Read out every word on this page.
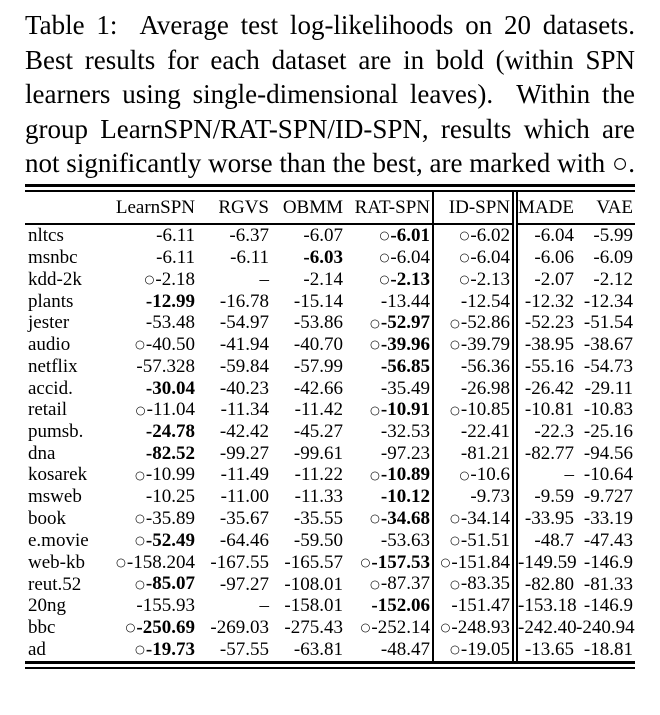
Table 1:  Average test log-likelihoods on 20 datasets.
Best results for each dataset are in bold (within SPN
learners using single-dimensional leaves).  Within the
group LearnSPN/RAT-SPN/ID-SPN, results which are
not significantly worse than the best, are marked with ○.
	LearnSPN	RGVS	OBMM	RAT-SPN	ID-SPN	MADE	VAE
nltcs	-6.11	-6.37	-6.07	○-6.01	○-6.02	-6.04	-5.99
msnbc	-6.11	-6.11	-6.03	○-6.04	○-6.04	-6.06	-6.09
kdd-2k	○-2.18	–	-2.14	○-2.13	○-2.13	-2.07	-2.12
plants	-12.99	-16.78	-15.14	-13.44	-12.54	-12.32	-12.34
jester	-53.48	-54.97	-53.86	○-52.97	○-52.86	-52.23	-51.54
audio	○-40.50	-41.94	-40.70	○-39.96	○-39.79	-38.95	-38.67
netflix	-57.328	-59.84	-57.99	-56.85	-56.36	-55.16	-54.73
accid.	-30.04	-40.23	-42.66	-35.49	-26.98	-26.42	-29.11
retail	○-11.04	-11.34	-11.42	○-10.91	○-10.85	-10.81	-10.83
pumsb.	-24.78	-42.42	-45.27	-32.53	-22.41	-22.3	-25.16
dna	-82.52	-99.27	-99.61	-97.23	-81.21	-82.77	-94.56
kosarek	○-10.99	-11.49	-11.22	○-10.89	○-10.6	–	-10.64
msweb	-10.25	-11.00	-11.33	-10.12	-9.73	-9.59	-9.727
book	○-35.89	-35.67	-35.55	○-34.68	○-34.14	-33.95	-33.19
e.movie	○-52.49	-64.46	-59.50	-53.63	○-51.51	-48.7	-47.43
web-kb	○-158.204	-167.55	-165.57	○-157.53	○-151.84	-149.59	-146.9
reut.52	○-85.07	-97.27	-108.01	○-87.37	○-83.35	-82.80	-81.33
20ng	-155.93	–	-158.01	-152.06	-151.47	-153.18	-146.9
bbc	○-250.69	-269.03	-275.43	○-252.14	○-248.93	-242.40	-240.94
ad	○-19.73	-57.55	-63.81	-48.47	○-19.05	-13.65	-18.81
